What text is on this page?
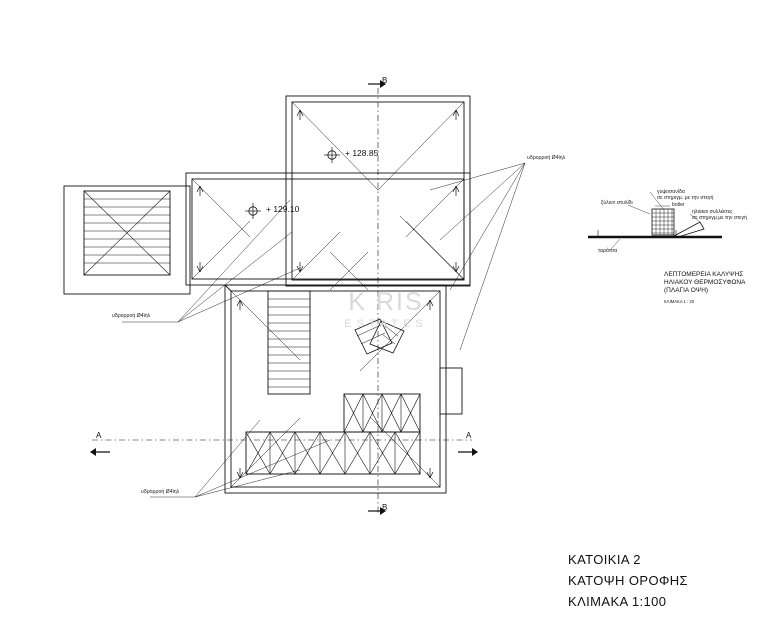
+ 128.85
+ 129.10
B
B
A	A
υδρορροή Ø4ϊηλ
υδρορροή Ø4ϊηλ
υδρορροή Ø4ϊηλ
γυψοσανίδα
σε στηριγμ. με την στεγή
boiler
ηλιακοι συλλέκτες
σε στηριγμ.με την στεγή
ξύλινο στυλίδι
ταράτσα
ΛΕΠΤΟΜΕΡΕΙΑ ΚΑΛΥΨΗΣ
ΗΛΙΑΚΟΥ ΘΕΡΜΟΣΥΦΩΝΑ
(ΠΛΑΓΙΑ ΟΨΗ)
ΚΛΙΜΑΚΑ 1 : 20
K RIS
ESTATES
ΚΑΤΟΙΚΙΑ 2
ΚΑΤΟΨΗ ΟΡΟΦΗΣ
ΚΛΙΜΑΚΑ 1:100
